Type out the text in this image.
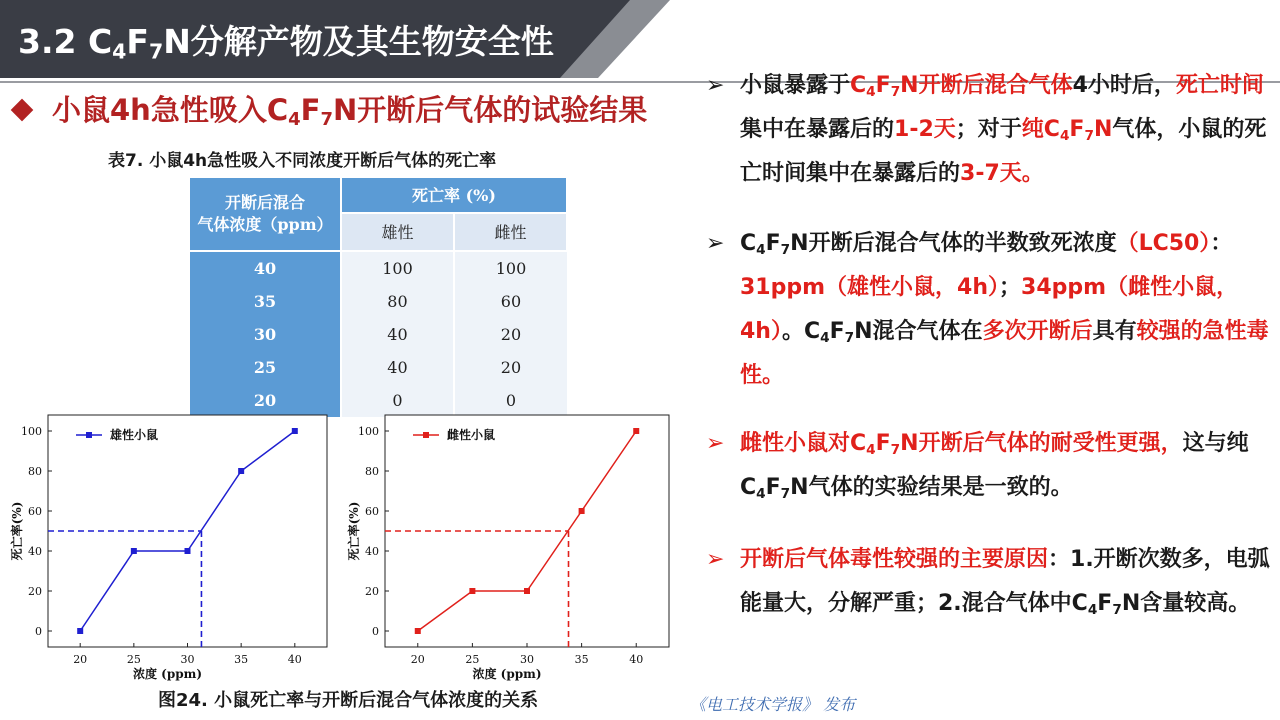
3.2 $C_4F_7N$分解产物及其生物安全性
小鼠4h急性吸入$C_4F_7N$开断后气体的试验结果
表7. 小鼠4h急性吸入不同浓度开断后气体的死亡率
开断后混合
气体浓度（ppm）	死亡率 (%)	
	雄性	雌性
40	100	100
35	80	60
30	40	20
25	40	20
20	0	0
0
20
40
60
80
100
20	25	30	35	40
浓度 (ppm)
死亡率(%)
雄性小鼠
0
20
40
60
80
100
20	25	30	35	40
浓度 (ppm)
死亡率(%)
雌性小鼠
图24. 小鼠死亡率与开断后混合气体浓度的关系	《电工技术学报》 发布
➢ 小鼠暴露于$C_4F_7N$开断后混合气体4小时后，死亡时间集中在暴露后的1-2天；对于纯$C_4F_7N$气体，小鼠的死亡时间集中在暴露后的3-7天。
➢ $C_4F_7N$开断后混合气体的半数致死浓度（LC50）：31ppm（雄性小鼠，4h）；34ppm（雌性小鼠，4h）。$C_4F_7N$混合气体在多次开断后具有较强的急性毒性。
➢ 雌性小鼠对$C_4F_7N$开断后气体的耐受性更强，这与纯$C_4F_7N$气体的实验结果是一致的。
➢ 开断后气体毒性较强的主要原因：1.开断次数多，电弧能量大，分解严重；2.混合气体中$C_4F_7N$含量较高。
